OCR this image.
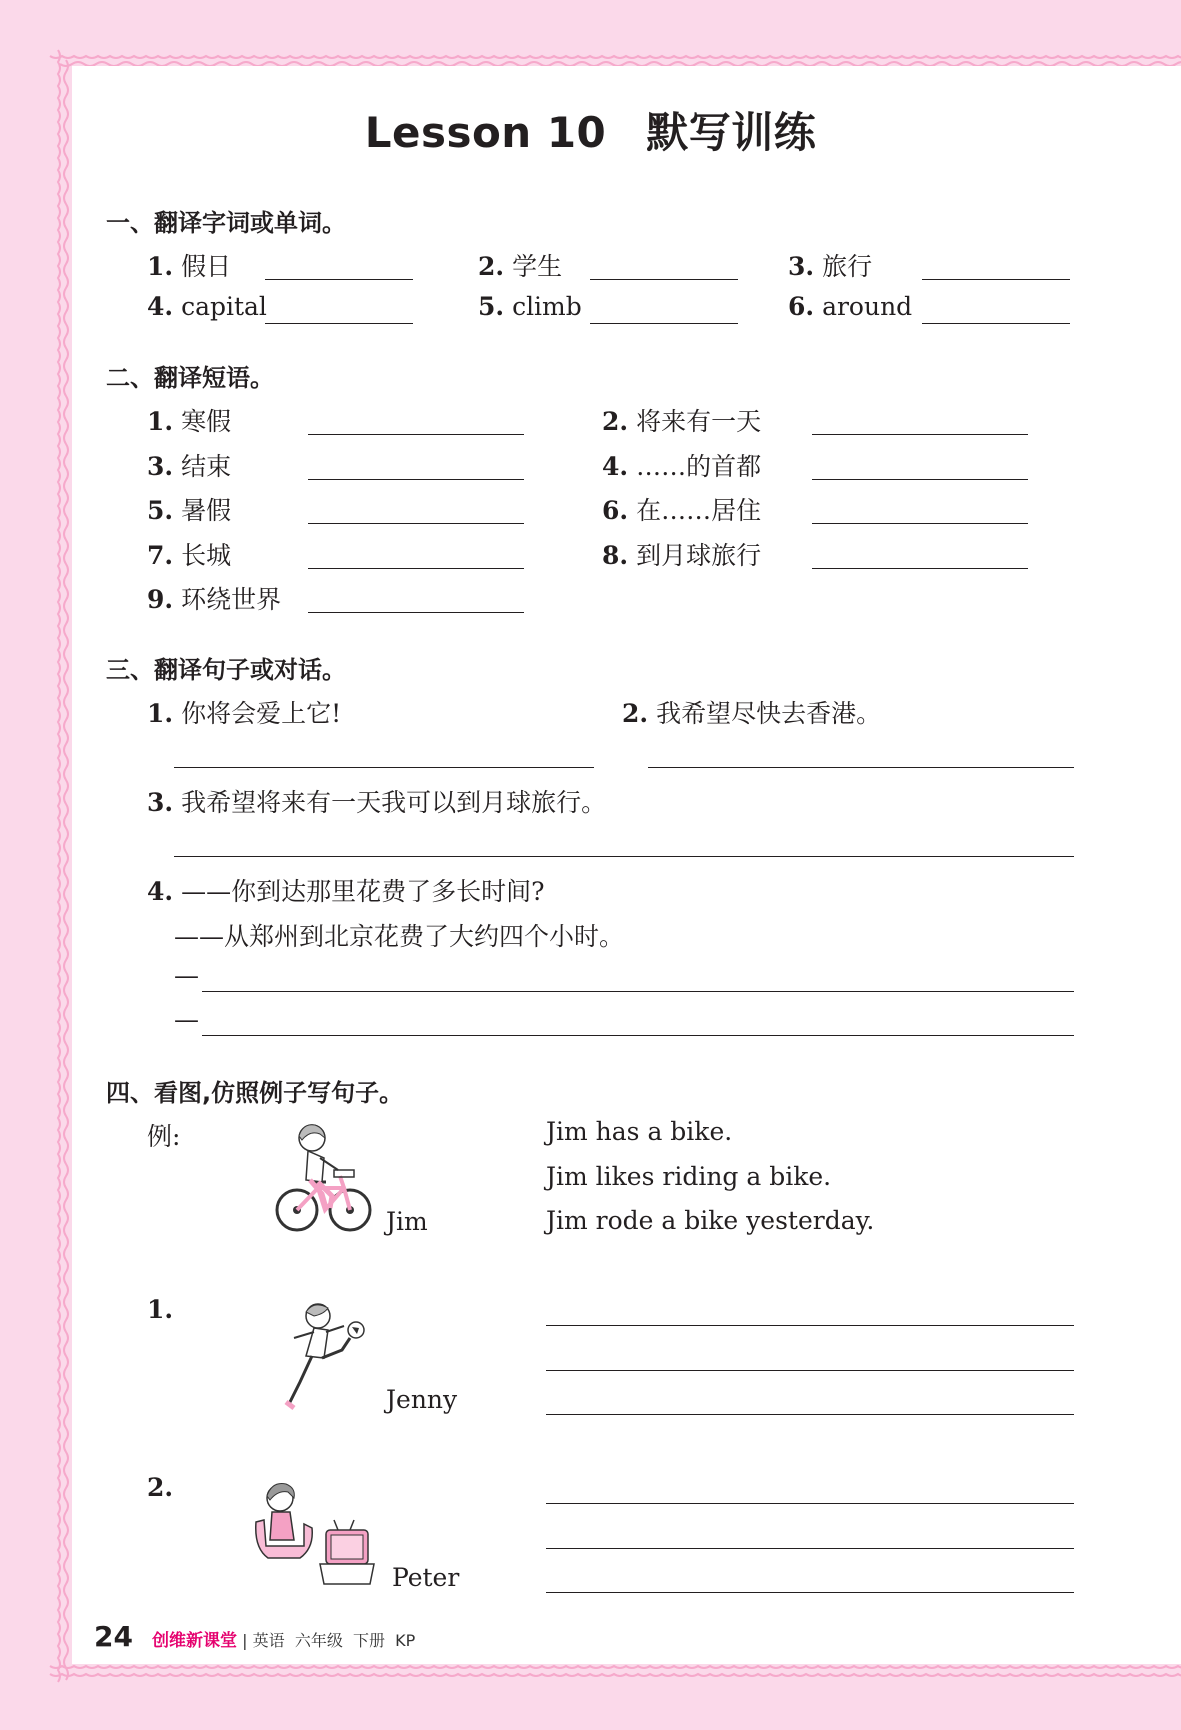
Lesson 10 默写训练
一、翻译字词或单词。
1. 假日	2. 学生	3. 旅行
4. capital	5. climb	6. around
二、翻译短语。
1. 寒假	2. 将来有一天
3. 结束	4. ……的首都
5. 暑假	6. 在……居住
7. 长城	8. 到月球旅行
9. 环绕世界
三、翻译句子或对话。
1. 你将会爱上它!	2. 我希望尽快去香港。
3. 我希望将来有一天我可以到月球旅行。
4. ——你到达那里花费了多长时间?
——从郑州到北京花费了大约四个小时。
—
—
四、看图,仿照例子写句子。
例:
Jim
Jim has a bike.
Jim likes riding a bike.
Jim rode a bike yesterday.
1.
Jenny
2.
Peter
24 创维新课堂 | 英语  六年级  下册  KP
